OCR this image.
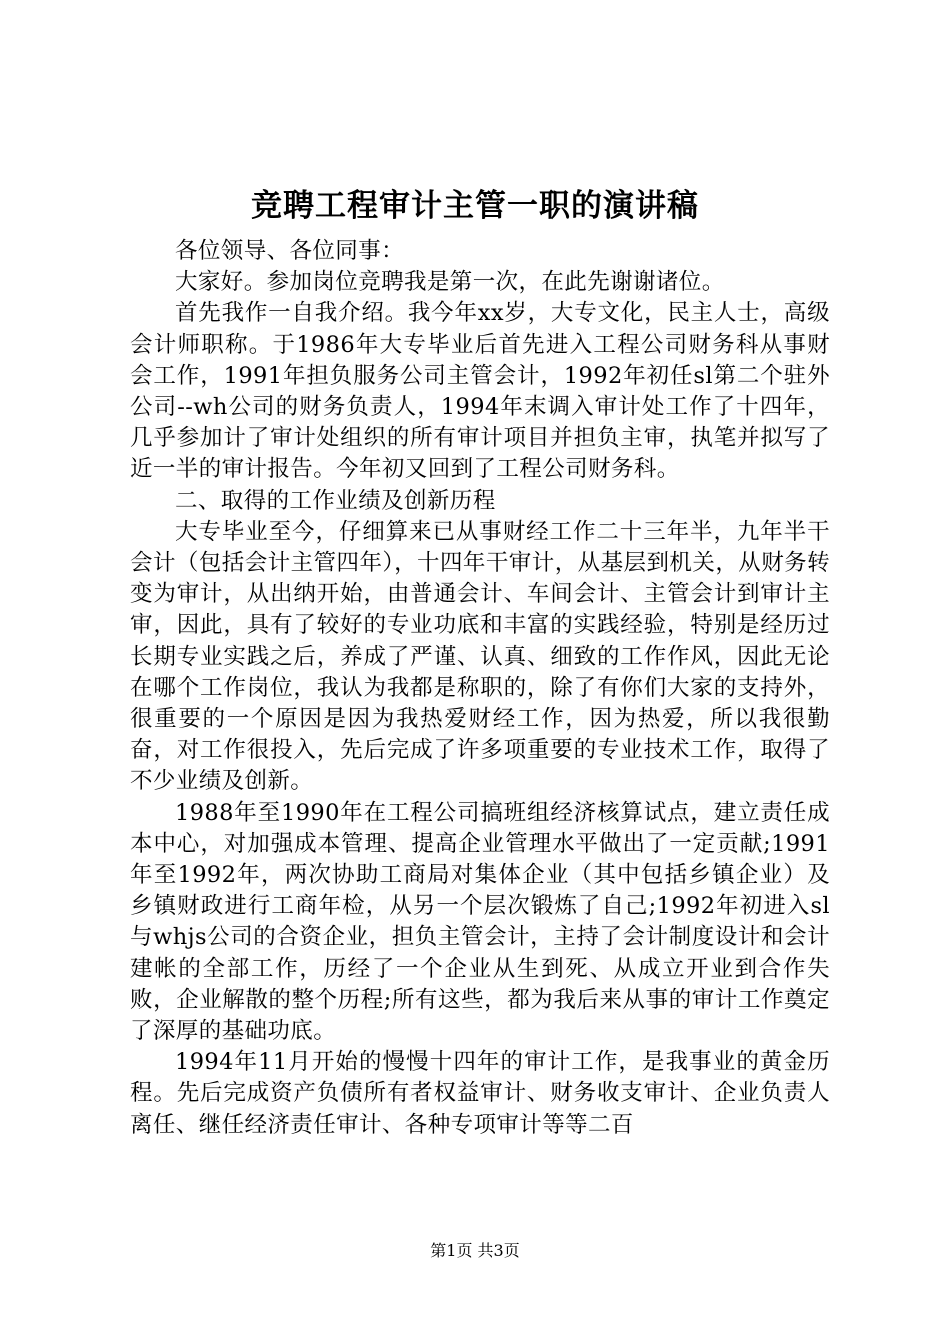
竞聘工程审计主管一职的演讲稿

各位领导、各位同事：

大家好。参加岗位竞聘我是第一次，在此先谢谢诸位。

首先我作一自我介绍。我今年xx岁，大专文化，民主人士，高级会计师职称。于1986年大专毕业后首先进入工程公司财务科从事财会工作，1991年担负服务公司主管会计，1992年初任sl第二个驻外公司--wh公司的财务负责人，1994年末调入审计处工作了十四年，几乎参加计了审计处组织的所有审计项目并担负主审，执笔并拟写了近一半的审计报告。今年初又回到了工程公司财务科。

二、取得的工作业绩及创新历程

大专毕业至今，仔细算来已从事财经工作二十三年半，九年半干会计（包括会计主管四年），十四年干审计，从基层到机关，从财务转变为审计，从出纳开始，由普通会计、车间会计、主管会计到审计主审，因此，具有了较好的专业功底和丰富的实践经验，特别是经历过长期专业实践之后，养成了严谨、认真、细致的工作作风，因此无论在哪个工作岗位，我认为我都是称职的，除了有你们大家的支持外，很重要的一个原因是因为我热爱财经工作，因为热爱，所以我很勤奋，对工作很投入，先后完成了许多项重要的专业技术工作，取得了不少业绩及创新。

1988年至1990年在工程公司搞班组经济核算试点，建立责任成本中心，对加强成本管理、提高企业管理水平做出了一定贡献;1991年至1992年，两次协助工商局对集体企业（其中包括乡镇企业）及乡镇财政进行工商年检，从另一个层次锻炼了自己;1992年初进入sl与whjs公司的合资企业，担负主管会计，主持了会计制度设计和会计建帐的全部工作，历经了一个企业从生到死、从成立开业到合作失败，企业解散的整个历程;所有这些，都为我后来从事的审计工作奠定了深厚的基础功底。

1994年11月开始的慢慢十四年的审计工作，是我事业的黄金历程。先后完成资产负债所有者权益审计、财务收支审计、企业负责人离任、继任经济责任审计、各种专项审计等等二百

第1页 共3页
